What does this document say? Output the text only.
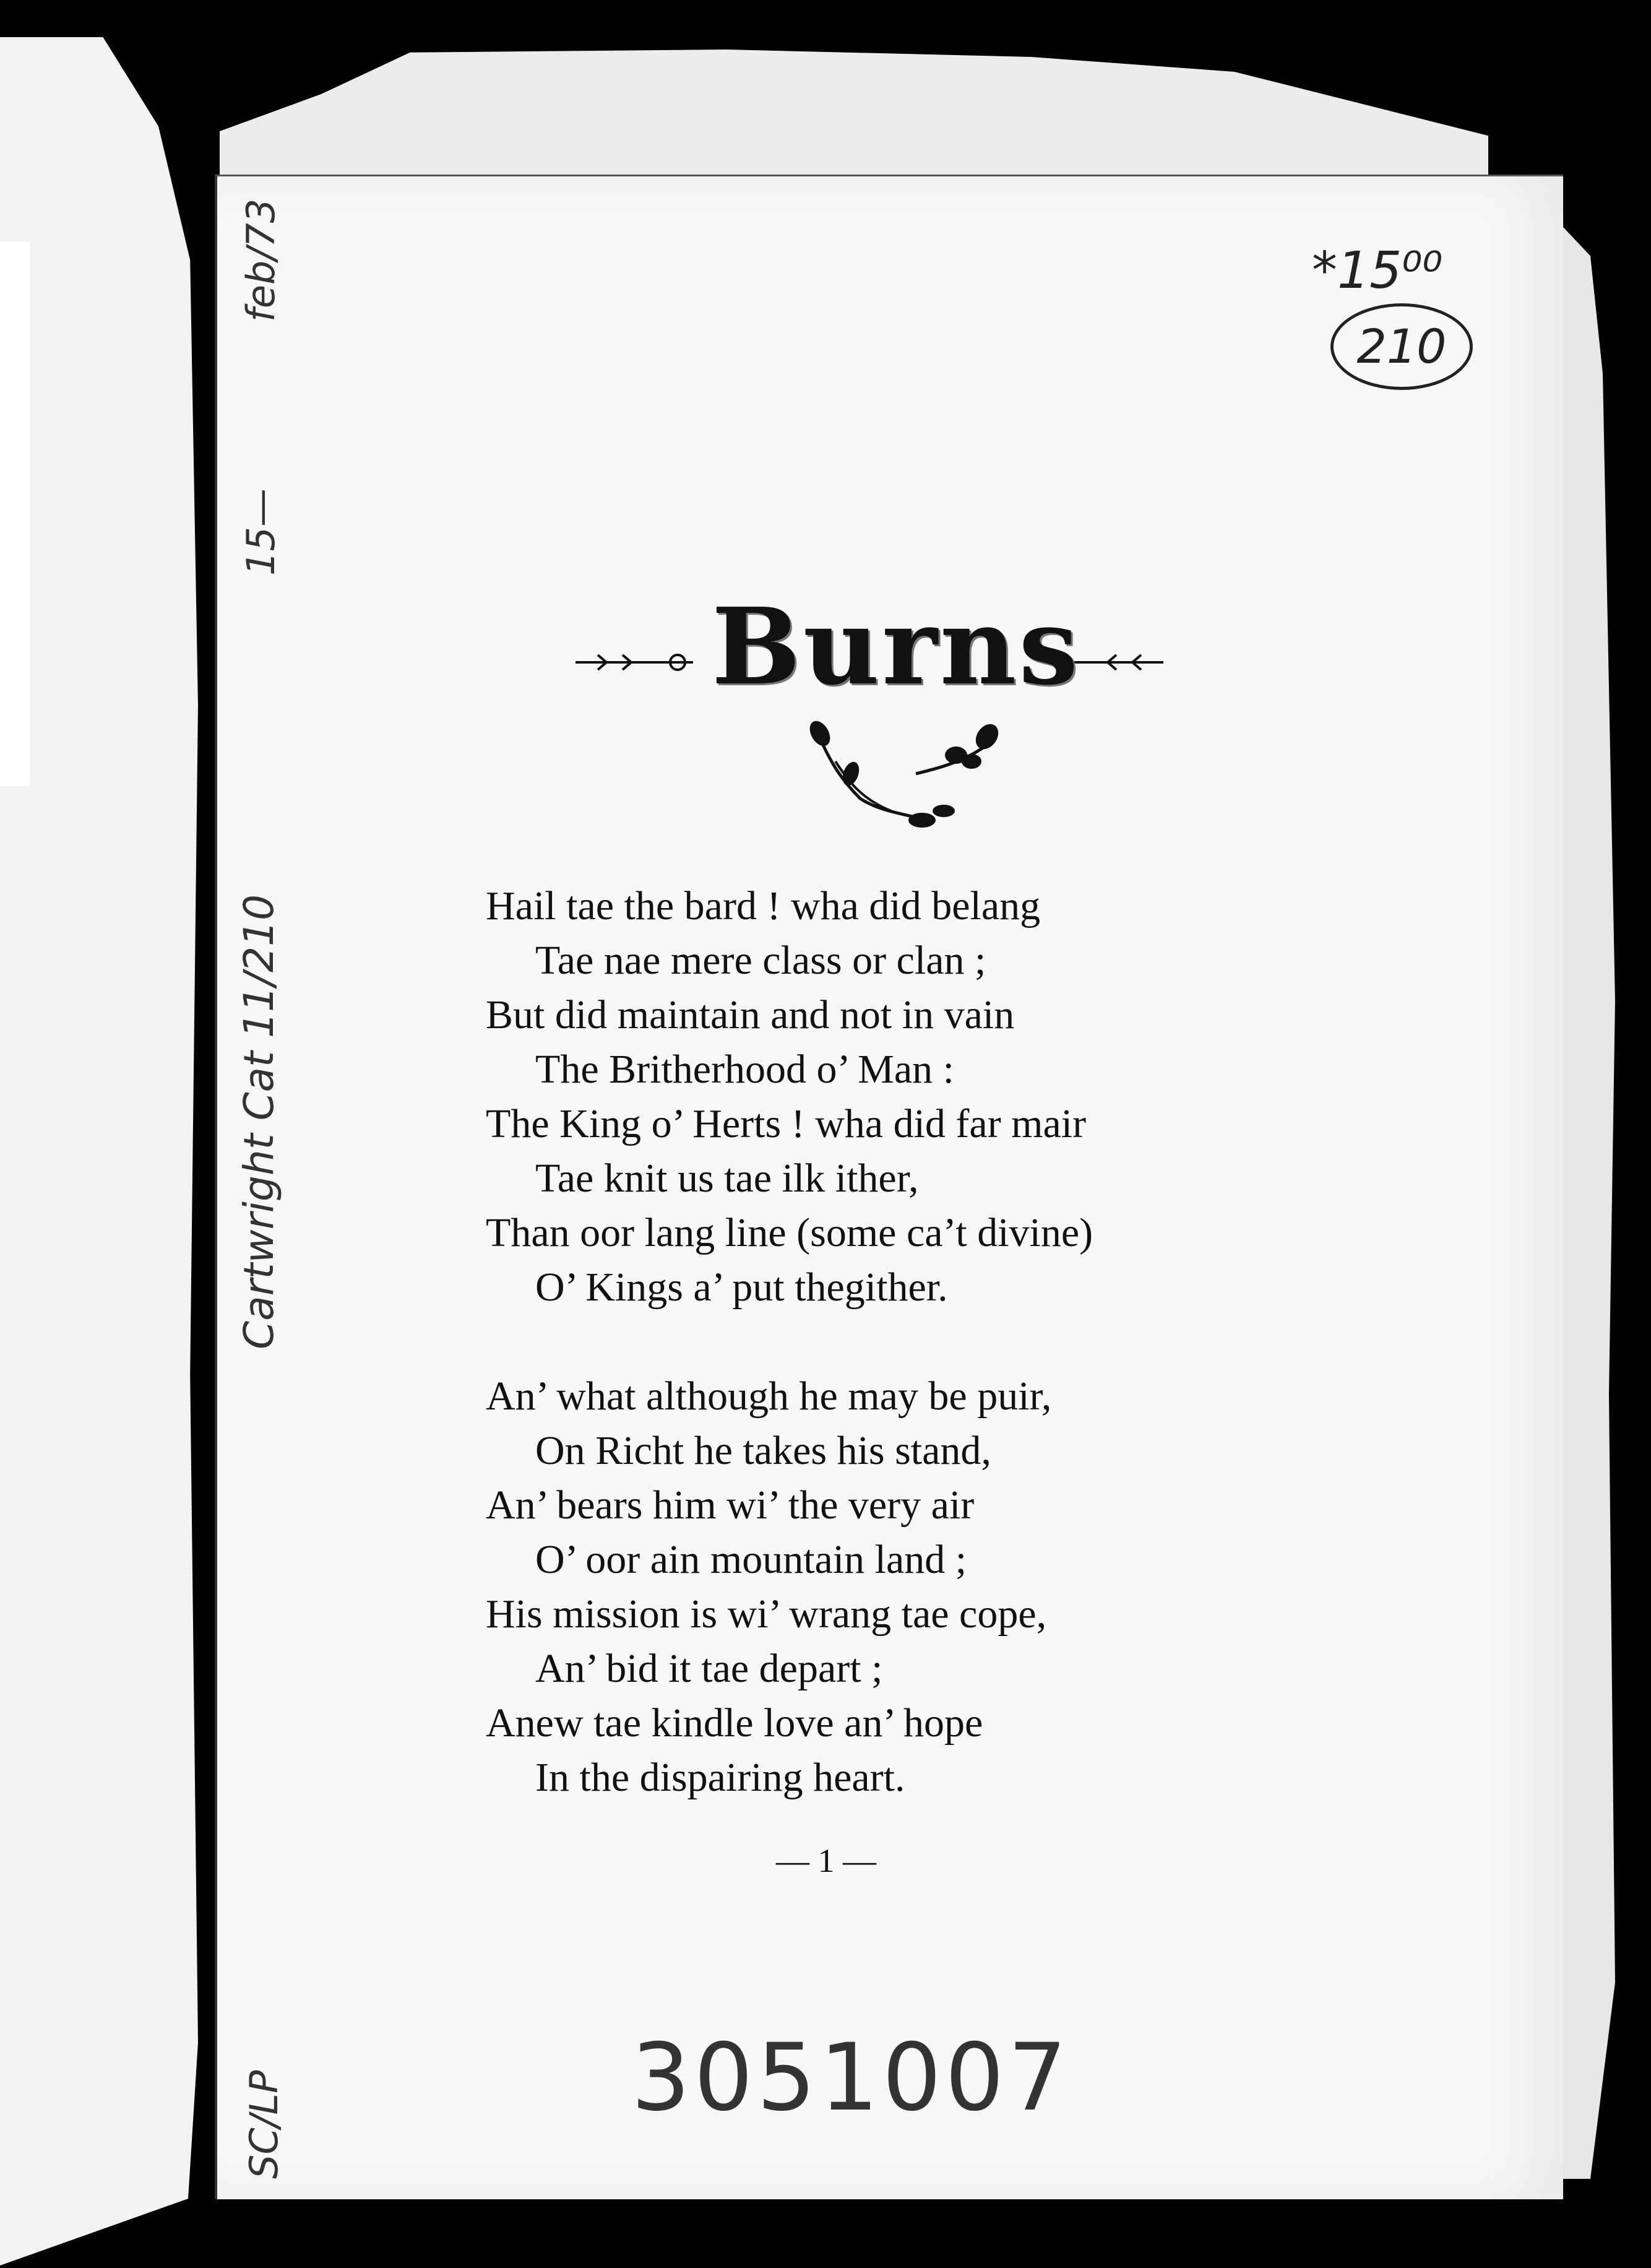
feb/73
15—
Cartwright Cat 11/210
SC/LP
*15⁰⁰
210
Burns
Hail tae the bard ! wha did belang
Tae nae mere class or clan ;
But did maintain and not in vain
The Britherhood o’ Man :
The King o’ Herts ! wha did far mair
Tae knit us tae ilk ither,
Than oor lang line (some ca’t divine)
O’ Kings a’ put thegither.
An’ what although he may be puir,
On Richt he takes his stand,
An’ bears him wi’ the very air
O’ oor ain mountain land ;
His mission is wi’ wrang tae cope,
An’ bid it tae depart ;
Anew tae kindle love an’ hope
In the dispairing heart.
— 1 —
3051007
